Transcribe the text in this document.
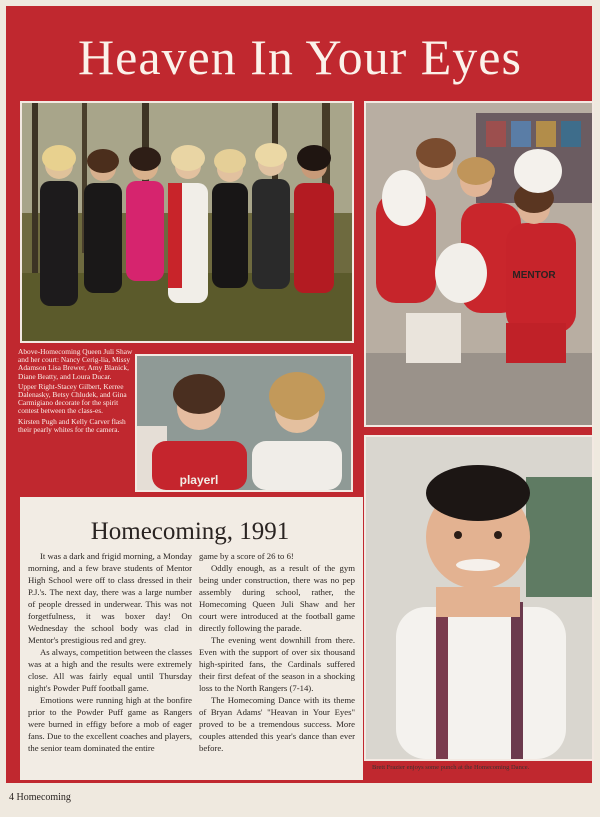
Heaven In Your Eyes
MENTOR

Above-Homecoming Queen Juli Shaw and her court: Nancy Cerig-lia, Missy Adamson Lisa Brewer, Amy Blanick, Diane Beatty, and Loura Ducar.

Upper Right-Stacey Gilbert, Kerree Dalenasky, Betsy Chludek, and Gina Carmigiano decorate for the spirit contest between the class-es.

Kirsten Pugh and Kelly Carver flash their pearly whites for the camera.

playerl
Homecoming, 1991

It was a dark and frigid morning, a Monday morning, and a few brave students of Mentor High School were off to class dressed in their P.J.'s. The next day, there was a large number of people dressed in underwear. This was not forgetfulness, it was boxer day! On Wednesday the school body was clad in Mentor's prestigious red and grey.

As always, competition between the classes was at a high and the results were extremely close. All was fairly equal until Thursday night's Powder Puff football game.

Emotions were running high at the bonfire prior to the Powder Puff game as Rangers were burned in effigy before a mob of eager fans. Due to the excellent coaches and players, the senior team dominated the entire

game by a score of 26 to 6!

Oddly enough, as a result of the gym being under construction, there was no pep assembly during school, rather, the Homecoming Queen Juli Shaw and her court were introduced at the football game directly following the parade.

The evening went downhill from there. Even with the support of over six thousand high-spirited fans, the Cardinals suffered their first defeat of the season in a shocking loss to the North Rangers (7-14).

The Homecoming Dance with its theme of Bryan Adams' "Heavan in Your Eyes" proved to be a tremendous success. More couples attended this year's dance than ever before.

Brett Frazier enjoys some punch at the Homecoming Dance.
4 Homecoming
